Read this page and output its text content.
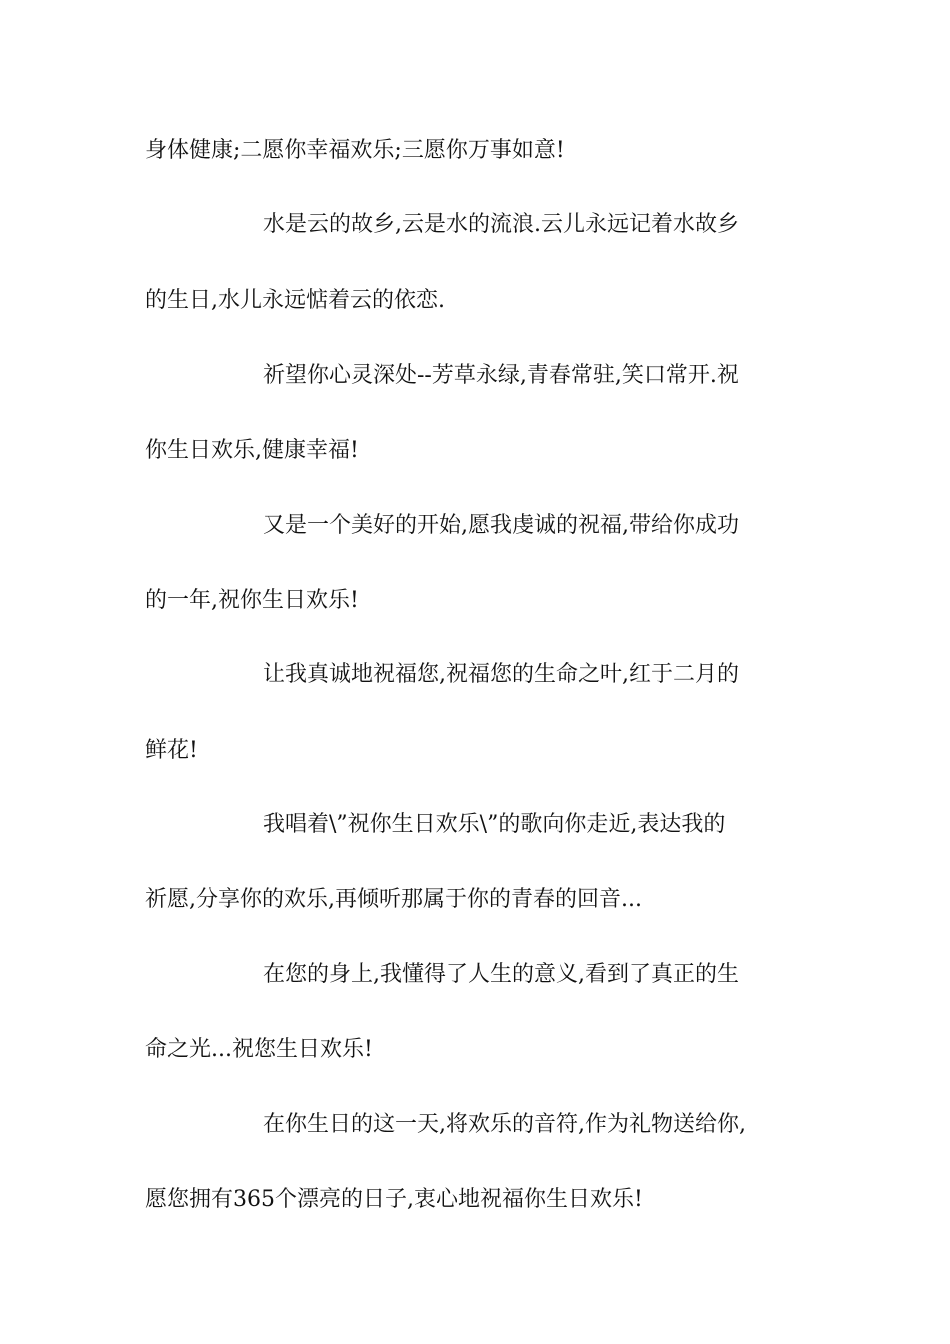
身体健康;二愿你幸福欢乐;三愿你万事如意!
水是云的故乡,云是水的流浪.云儿永远记着水故乡
的生日,水儿永远惦着云的依恋.
祈望你心灵深处--芳草永绿,青春常驻,笑口常开.祝
你生日欢乐,健康幸福!
又是一个美好的开始,愿我虔诚的祝福,带给你成功
的一年,祝你生日欢乐!
让我真诚地祝福您,祝福您的生命之叶,红于二月的
鲜花!
我唱着\”祝你生日欢乐\”的歌向你走近,表达我的
祈愿,分享你的欢乐,再倾听那属于你的青春的回音...
在您的身上,我懂得了人生的意义,看到了真正的生
命之光...祝您生日欢乐!
在你生日的这一天,将欢乐的音符,作为礼物送给你,
愿您拥有365个漂亮的日子,衷心地祝福你生日欢乐!
